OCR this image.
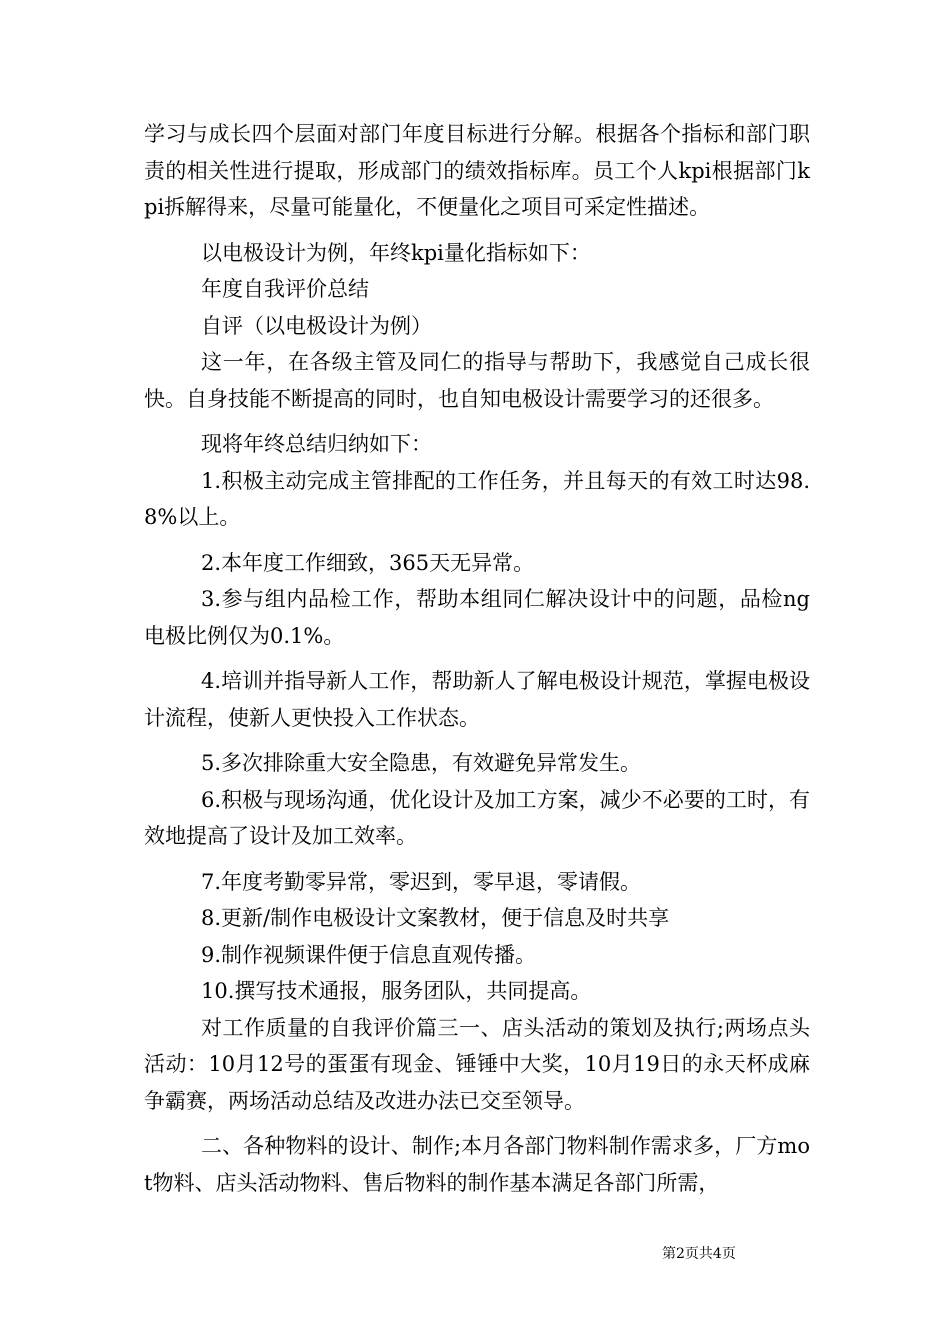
学习与成长四个层面对部门年度目标进行分解。根据各个指标和部门职责的相关性进行提取，形成部门的绩效指标库。员工个人kpi根据部门kpi拆解得来，尽量可能量化，不便量化之项目可采定性描述。

以电极设计为例，年终kpi量化指标如下：

年度自我评价总结

自评（以电极设计为例）

这一年，在各级主管及同仁的指导与帮助下，我感觉自己成长很快。自身技能不断提高的同时，也自知电极设计需要学习的还很多。

现将年终总结归纳如下：

1.积极主动完成主管排配的工作任务，并且每天的有效工时达98.8%以上。

2.本年度工作细致，365天无异常。

3.参与组内品检工作，帮助本组同仁解决设计中的问题，品检ng电极比例仅为0.1%。

4.培训并指导新人工作，帮助新人了解电极设计规范，掌握电极设计流程，使新人更快投入工作状态。

5.多次排除重大安全隐患，有效避免异常发生。

6.积极与现场沟通，优化设计及加工方案，减少不必要的工时，有效地提高了设计及加工效率。

7.年度考勤零异常，零迟到，零早退，零请假。

8.更新/制作电极设计文案教材，便于信息及时共享

9.制作视频课件便于信息直观传播。

10.撰写技术通报，服务团队，共同提高。

对工作质量的自我评价篇三一、店头活动的策划及执行;两场点头活动：10月12号的蛋蛋有现金、锤锤中大奖，10月19日的永天杯成麻争霸赛，两场活动总结及改进办法已交至领导。

二、各种物料的设计、制作;本月各部门物料制作需求多，厂方mot物料、店头活动物料、售后物料的制作基本满足各部门所需，

第2页共4页
